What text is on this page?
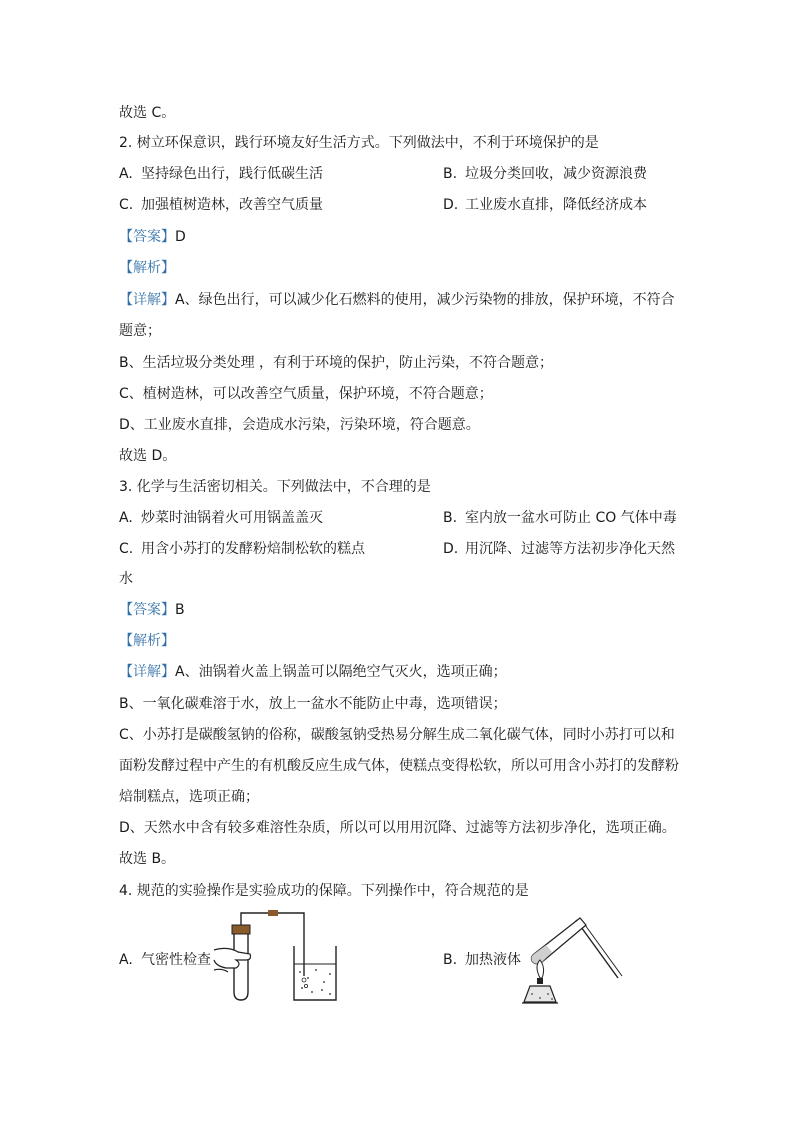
故选 C。
2. 树立环保意识，践行环境友好生活方式。下列做法中，不利于环境保护的是
A. 坚持绿色出行，践行低碳生活	B. 垃圾分类回收，减少资源浪费
C. 加强植树造林，改善空气质量	D. 工业废水直排，降低经济成本
【答案】D
【解析】
【详解】A、绿色出行，可以减少化石燃料的使用，减少污染物的排放，保护环境，不符合
题意；
B、生活垃圾分类处理 ，有利于环境的保护，防止污染，不符合题意；
C、植树造林，可以改善空气质量，保护环境，不符合题意；
D、工业废水直排，会造成水污染，污染环境，符合题意。
故选 D。
3. 化学与生活密切相关。下列做法中，不合理的是
A. 炒菜时油锅着火可用锅盖盖灭	B. 室内放一盆水可防止 CO 气体中毒
C. 用含小苏打的发酵粉焙制松软的糕点	D. 用沉降、过滤等方法初步净化天然
水
【答案】B
【解析】
【详解】A、油锅着火盖上锅盖可以隔绝空气灭火，选项正确；
B、一氧化碳难溶于水，放上一盆水不能防止中毒，选项错误；
C、小苏打是碳酸氢钠的俗称，碳酸氢钠受热易分解生成二氧化碳气体，同时小苏打可以和
面粉发酵过程中产生的有机酸反应生成气体，使糕点变得松软，所以可用含小苏打的发酵粉
焙制糕点，选项正确；
D、天然水中含有较多难溶性杂质，所以可以用用沉降、过滤等方法初步净化，选项正确。
故选 B。
4. 规范的实验操作是实验成功的保障。下列操作中，符合规范的是
A. 气密性检查	B. 加热液体
